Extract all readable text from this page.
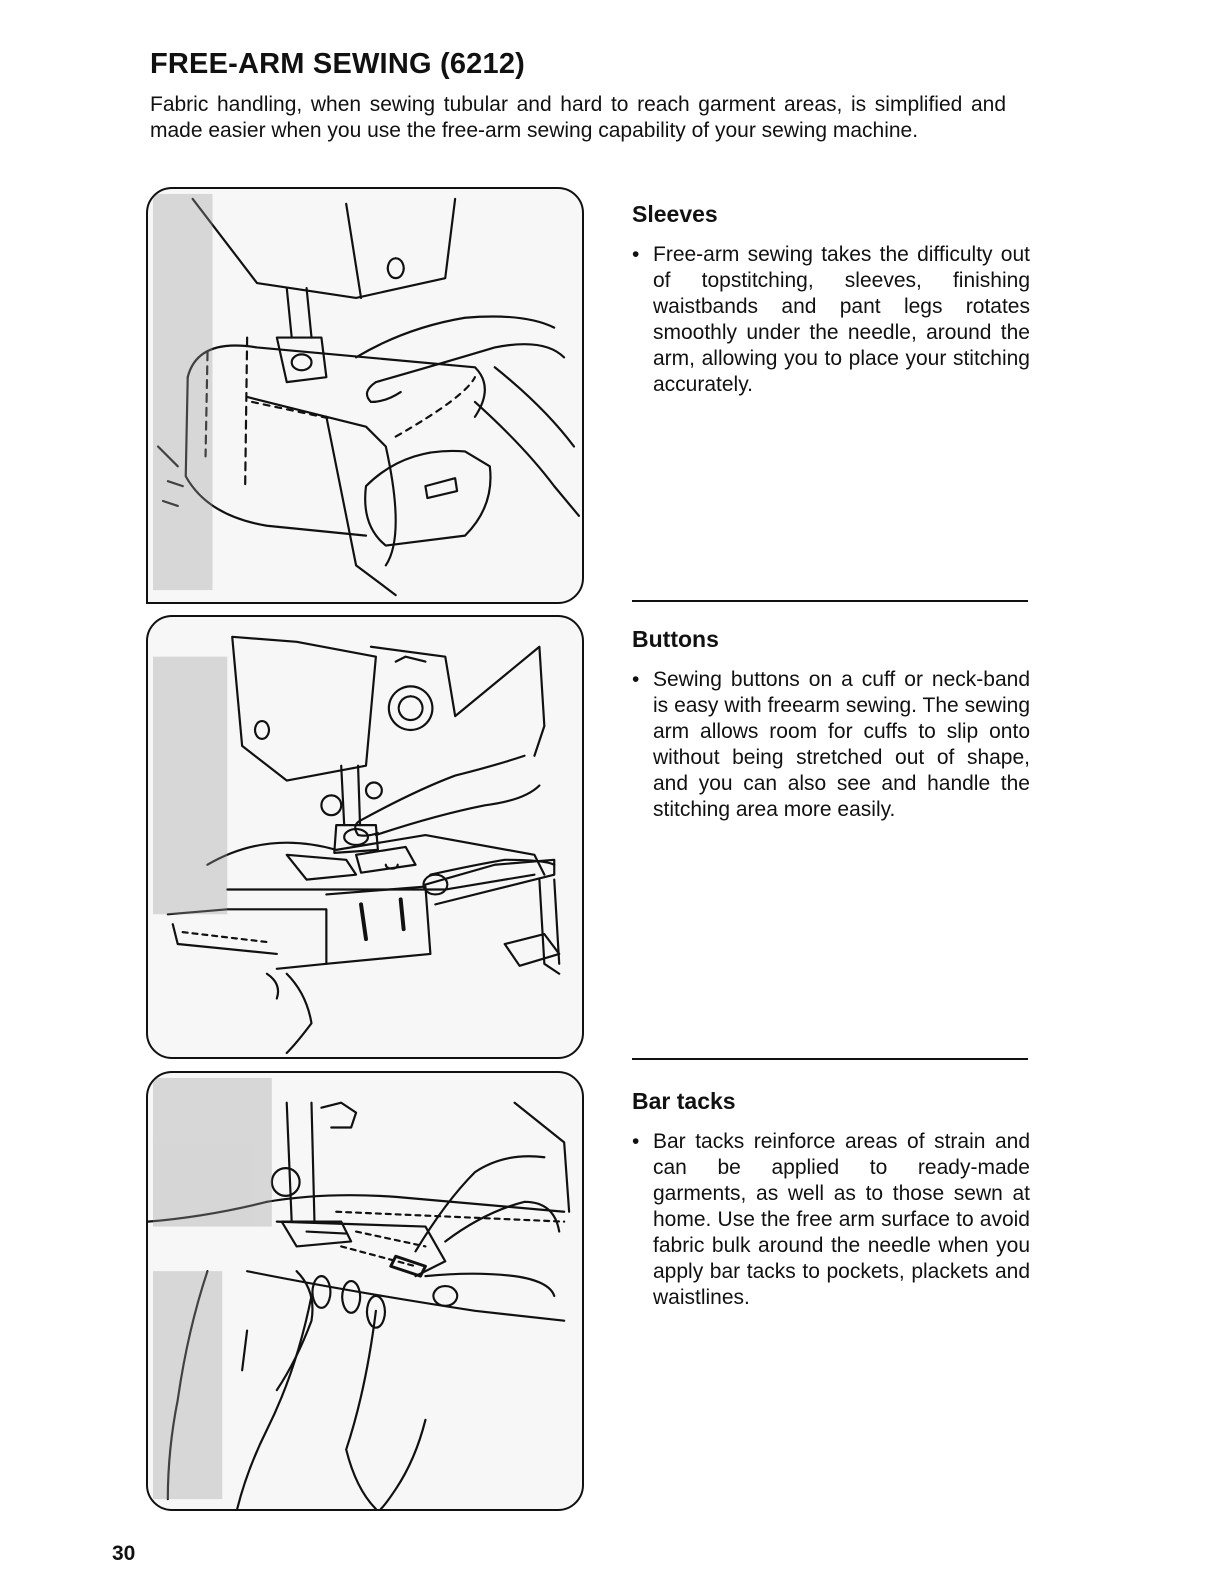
FREE-ARM SEWING (6212)

Fabric handling, when sewing tubular and hard to reach garment areas, is simplified and made easier when you use the free-arm sewing capability of your sewing machine.

Sleeves
• Free-arm sewing takes the difficulty out of topstitching, sleeves, finishing waistbands and pant legs rotates smoothly under the needle, around the arm, allowing you to place your stitching accurately.

Buttons
• Sewing buttons on a cuff or neck-band is easy with freearm sewing. The sewing arm allows room for cuffs to slip onto without being stretched out of shape, and you can also see and handle the stitching area more easily.

Bar tacks
• Bar tacks reinforce areas of strain and can be applied to ready-made garments, as well as to those sewn at home. Use the free arm surface to avoid fabric bulk around the needle when you apply bar tacks to pockets, plackets and waistlines.

30
